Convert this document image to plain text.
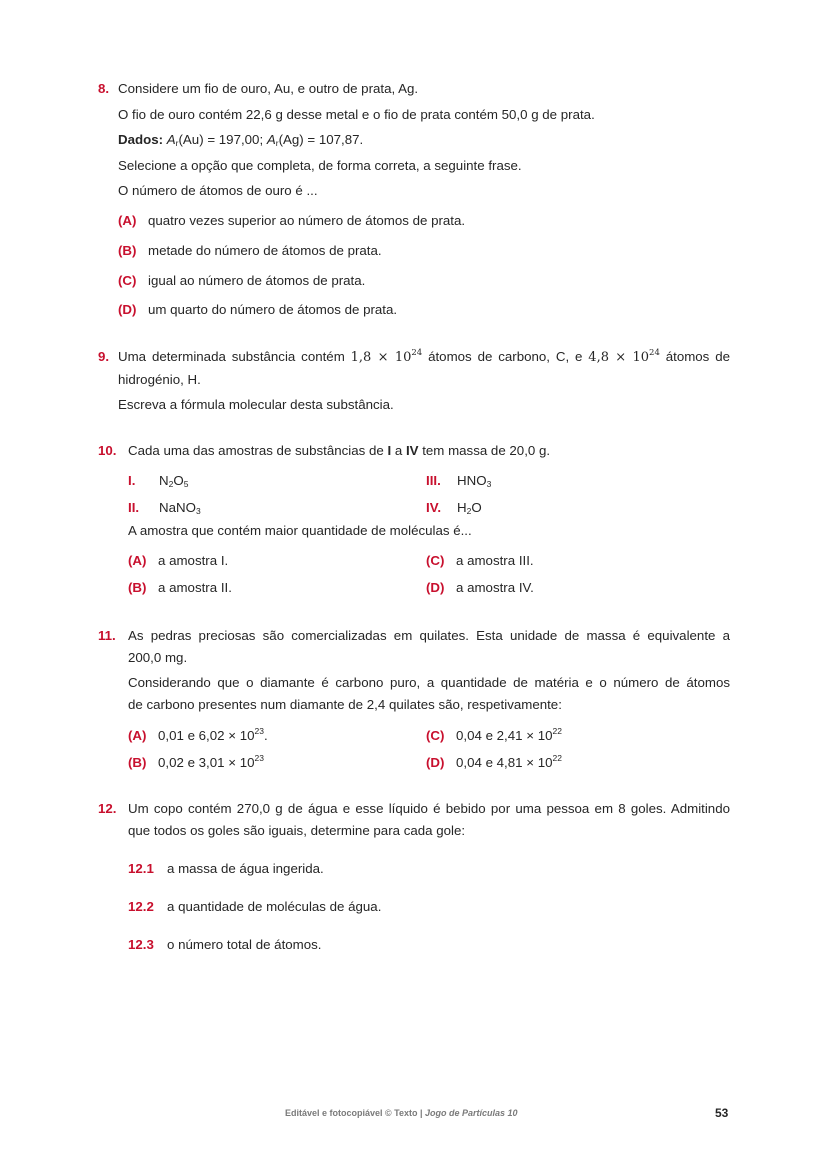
8. Considere um fio de ouro, Au, e outro de prata, Ag.
O fio de ouro contém 22,6 g desse metal e o fio de prata contém 50,0 g de prata.
Dados: $A_r(Au) = 197,00$; $A_r(Ag) = 107,87$.
Selecione a opção que completa, de forma correta, a seguinte frase.
O número de átomos de ouro é ...
(A) quatro vezes superior ao número de átomos de prata.
(B) metade do número de átomos de prata.
(C) igual ao número de átomos de prata.
(D) um quarto do número de átomos de prata.
9. Uma determinada substância contém $1,8 \times 10^{24}$ átomos de carbono, C, e $4,8 \times 10^{24}$ átomos de
hidrogénio, H.
Escreva a fórmula molecular desta substância.
10. Cada uma das amostras de substâncias de I a IV tem massa de 20,0 g.
I. $N_2O_5$
II. NaNO$_3$
III. $HNO_3$
IV. $H_2O$
A amostra que contém maior quantidade de moléculas é...
(A) a amostra I.
(B) a amostra II.
(C) a amostra III.
(D) a amostra IV.
11. As pedras preciosas são comercializadas em quilates. Esta unidade de massa é equivalente a
200,0 mg.
Considerando que o diamante é carbono puro, a quantidade de matéria e o número de átomos
de carbono presentes num diamante de 2,4 quilates são, respetivamente:
(A) 0,01 e $6,02 \times 10^{23}$.
(B) 0,02 e $3,01 \times 10^{23}$
(C) 0,04 e $2,41 \times 10^{22}$
(D) 0,04 e $4,81 \times 10^{22}$
12. Um copo contém 270,0 g de água e esse líquido é bebido por uma pessoa em 8 goles. Admitindo
que todos os goles são iguais, determine para cada gole:
12.1 a massa de água ingerida.
12.2 a quantidade de moléculas de água.
12.3 o número total de átomos.
Editável e fotocopiável © Texto | Jogo de Partículas 10	53
